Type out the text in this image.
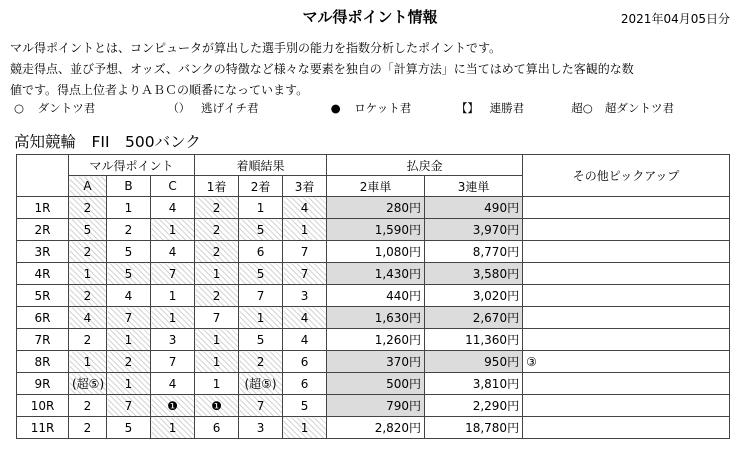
マル得ポイント情報	2021年04月05日分

マル得ポイントとは、コンピュータが算出した選手別の能力を指数分析したポイントです。

競走得点、並び予想、オッズ、バンクの特徴など様々な要素を独自の「計算方法」に当てはめて算出した客観的な数

値です。得点上位者よりＡＢＣの順番になっています。

○ ダントツ君	（） 逃げイチ君	● ロケット君	【】 連勝君	超○ 超ダントツ君
高知競輪　FII　500バンク
	マル得ポイント			着順結果			払戻金		その他ピックアップ
	A	B	C	1着	2着	3着	2車単	3連単	
1R	2	1	4	2	1	4	280円	490円	
2R	5	2	1	2	5	1	1,590円	3,970円	
3R	2	5	4	2	6	7	1,080円	8,770円	
4R	1	5	7	1	5	7	1,430円	3,580円	
5R	2	4	1	2	7	3	440円	3,020円	
6R	4	7	1	7	1	4	1,630円	2,670円	
7R	2	1	3	1	5	4	1,260円	11,360円	
8R	1	2	7	1	2	6	370円	950円	③
9R	(超⑤)	1	4	1	(超⑤)	6	500円	3,810円	
10R	2	7	❶	❶	7	5	790円	2,290円	
11R	2	5	1	6	3	1	2,820円	18,780円	
